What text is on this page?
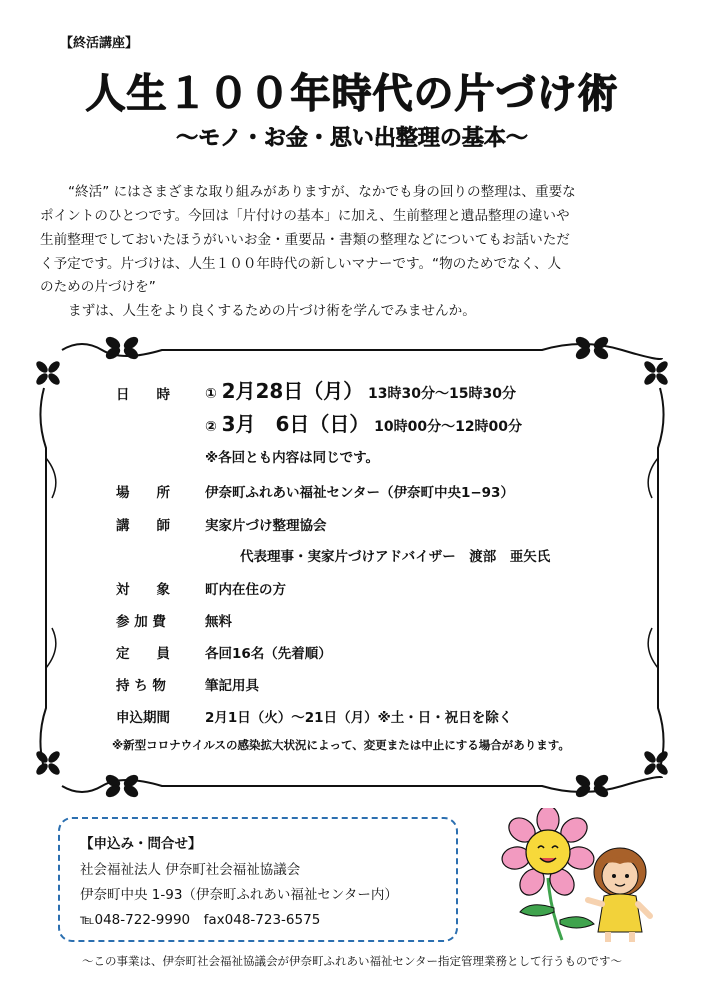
【終活講座】
人生１００年時代の片づけ術
〜モノ・お金・思い出整理の基本〜
“終活” にはさまざまな取り組みがありますが、なかでも身の回りの整理は、重要な
ポイントのひとつです。今回は「片付けの基本」に加え、生前整理と遺品整理の違いや
生前整理でしておいたほうがいいお金・重要品・書類の整理などについてもお話いただ
く予定です。片づけは、人生１００年時代の新しいマナーです。“物のためでなく、人
のための片づけを”
まずは、人生をより良くするための片づけ術を学んでみませんか。
日　　時	① 2月28日（月） 13時30分〜15時30分
② 3月　6日（日） 10時00分〜12時00分
※各回とも内容は同じです。
場　　所	伊奈町ふれあい福祉センター（伊奈町中央1−93）
講　　師	実家片づけ整理協会
代表理事・実家片づけアドバイザー　渡部　亜矢氏
対　　象	町内在住の方
参 加 費	無料
定　　員	各回16名（先着順）
持 ち 物	筆記用具
申込期間	2月1日（火）〜21日（月）※土・日・祝日を除く
※新型コロナウイルスの感染拡大状況によって、変更または中止にする場合があります。
【申込み・問合せ】
社会福祉法人 伊奈町社会福祉協議会
伊奈町中央 1-93（伊奈町ふれあい福祉センター内）
℡048-722-9990　fax048-723-6575
〜この事業は、伊奈町社会福祉協議会が伊奈町ふれあい福祉センター指定管理業務として行うものです〜
